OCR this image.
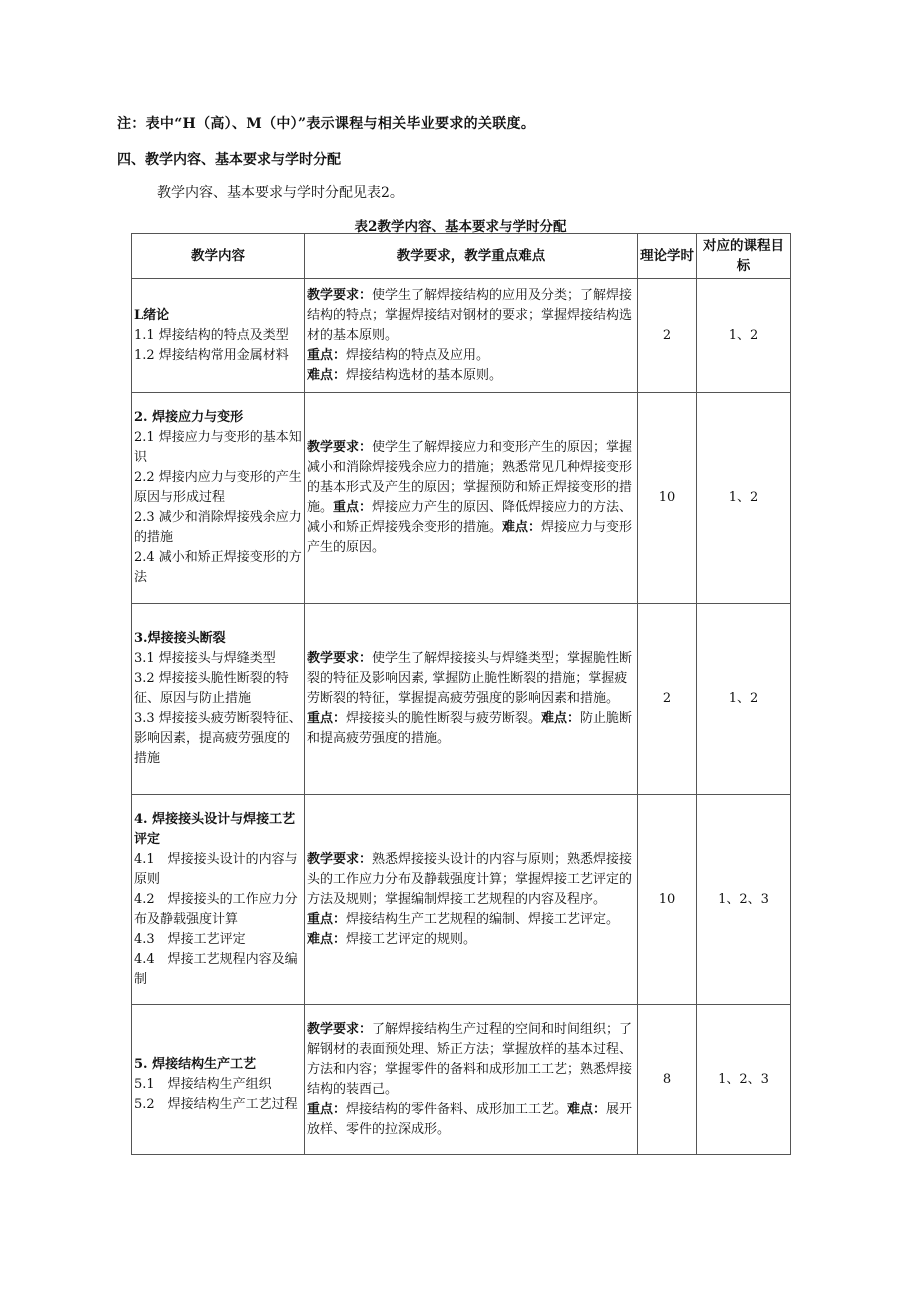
注：表中“H（高）、M（中）”表示课程与相关毕业要求的关联度。
四、教学内容、基本要求与学时分配
教学内容、基本要求与学时分配见表2。
表2教学内容、基本要求与学时分配
教学内容	教学要求，教学重点难点	理论学时	对应的课程目标
L绪论
1.1 焊接结构的特点及类型
1.2 焊接结构常用金属材料	教学要求：使学生了解焊接结构的应用及分类；了解焊接结构的特点；掌握焊接结对钢材的要求；掌握焊接结构选材的基本原则。
重点：焊接结构的特点及应用。
难点：焊接结构选材的基本原则。	2	1、2
2. 焊接应力与变形
2.1 焊接应力与变形的基本知识
2.2 焊接内应力与变形的产生原因与形成过程
2.3 减少和消除焊接残余应力的措施
2.4 减小和矫正焊接变形的方法	教学要求：使学生了解焊接应力和变形产生的原因；掌握减小和消除焊接残余应力的措施；熟悉常见几种焊接变形的基本形式及产生的原因；掌握预防和矫正焊接变形的措施。重点：焊接应力产生的原因、降低焊接应力的方法、减小和矫正焊接残余变形的措施。难点：焊接应力与变形产生的原因。	10	1、2
3.焊接接头断裂
3.1 焊接接头与焊缝类型
3.2 焊接接头脆性断裂的特征、原因与防止措施
3.3 焊接接头疲劳断裂特征、影响因素，提高疲劳强度的措施	教学要求：使学生了解焊接接头与焊缝类型；掌握脆性断裂的特征及影响因素, 掌握防止脆性断裂的措施；掌握疲劳断裂的特征，掌握提高疲劳强度的影响因素和措施。
重点：焊接接头的脆性断裂与疲劳断裂。难点：防止脆断和提高疲劳强度的措施。	2	1、2
4. 焊接接头设计与焊接工艺评定
4.1　焊接接头设计的内容与原则
4.2　焊接接头的工作应力分布及静载强度计算
4.3　焊接工艺评定
4.4　焊接工艺规程内容及编制	教学要求：熟悉焊接接头设计的内容与原则；熟悉焊接接头的工作应力分布及静载强度计算；掌握焊接工艺评定的方法及规则；掌握编制焊接工艺规程的内容及程序。
重点：焊接结构生产工艺规程的编制、焊接工艺评定。
难点：焊接工艺评定的规则。	10	1、2、3
5. 焊接结构生产工艺
5.1　焊接结构生产组织
5.2　焊接结构生产工艺过程	教学要求：了解焊接结构生产过程的空间和时间组织；了解钢材的表面预处理、矫正方法；掌握放样的基本过程、方法和内容；掌握零件的备料和成形加工工艺；熟悉焊接结构的装酉己。
重点：焊接结构的零件备料、成形加工工艺。难点：展开放样、零件的拉深成形。	8	1、2、3
